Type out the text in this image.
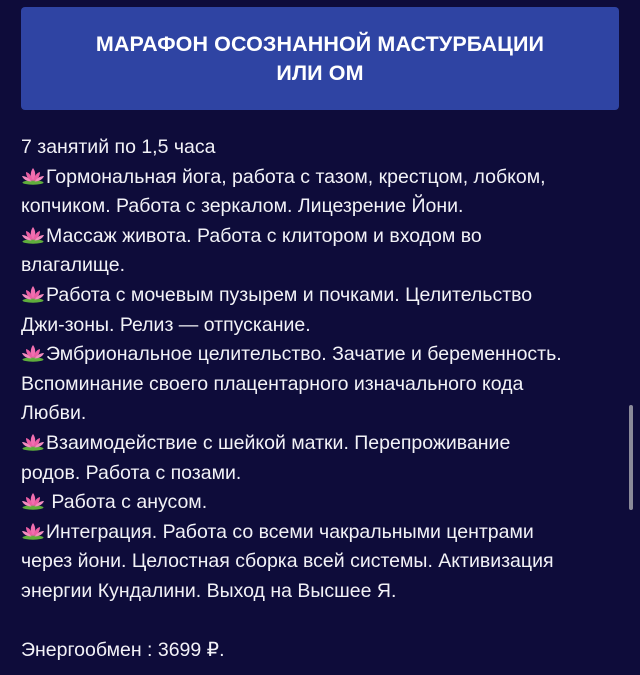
МАРАФОН ОСОЗНАННОЙ МАСТУРБАЦИИ
ИЛИ ОМ
7 занятий по 1,5 часа
Гормональная йога, работа с тазом, крестцом, лобком,
копчиком. Работа с зеркалом. Лицезрение Йони.
Массаж живота. Работа с клитором и входом во
влагалище.
Работа с мочевым пузырем и почками. Целительство
Джи-зоны. Релиз — отпускание.
Эмбриональное целительство. Зачатие и беременность.
Вспоминание своего плацентарного изначального кода
Любви.
Взаимодействие с шейкой матки. Перепроживание
родов. Работа с позами.
Работа с анусом.
Интеграция. Работа со всеми чакральными центрами
через йони. Целостная сборка всей системы. Активизация
энергии Кундалини. Выход на Высшее Я.
Энергообмен : 3699 ₽.
